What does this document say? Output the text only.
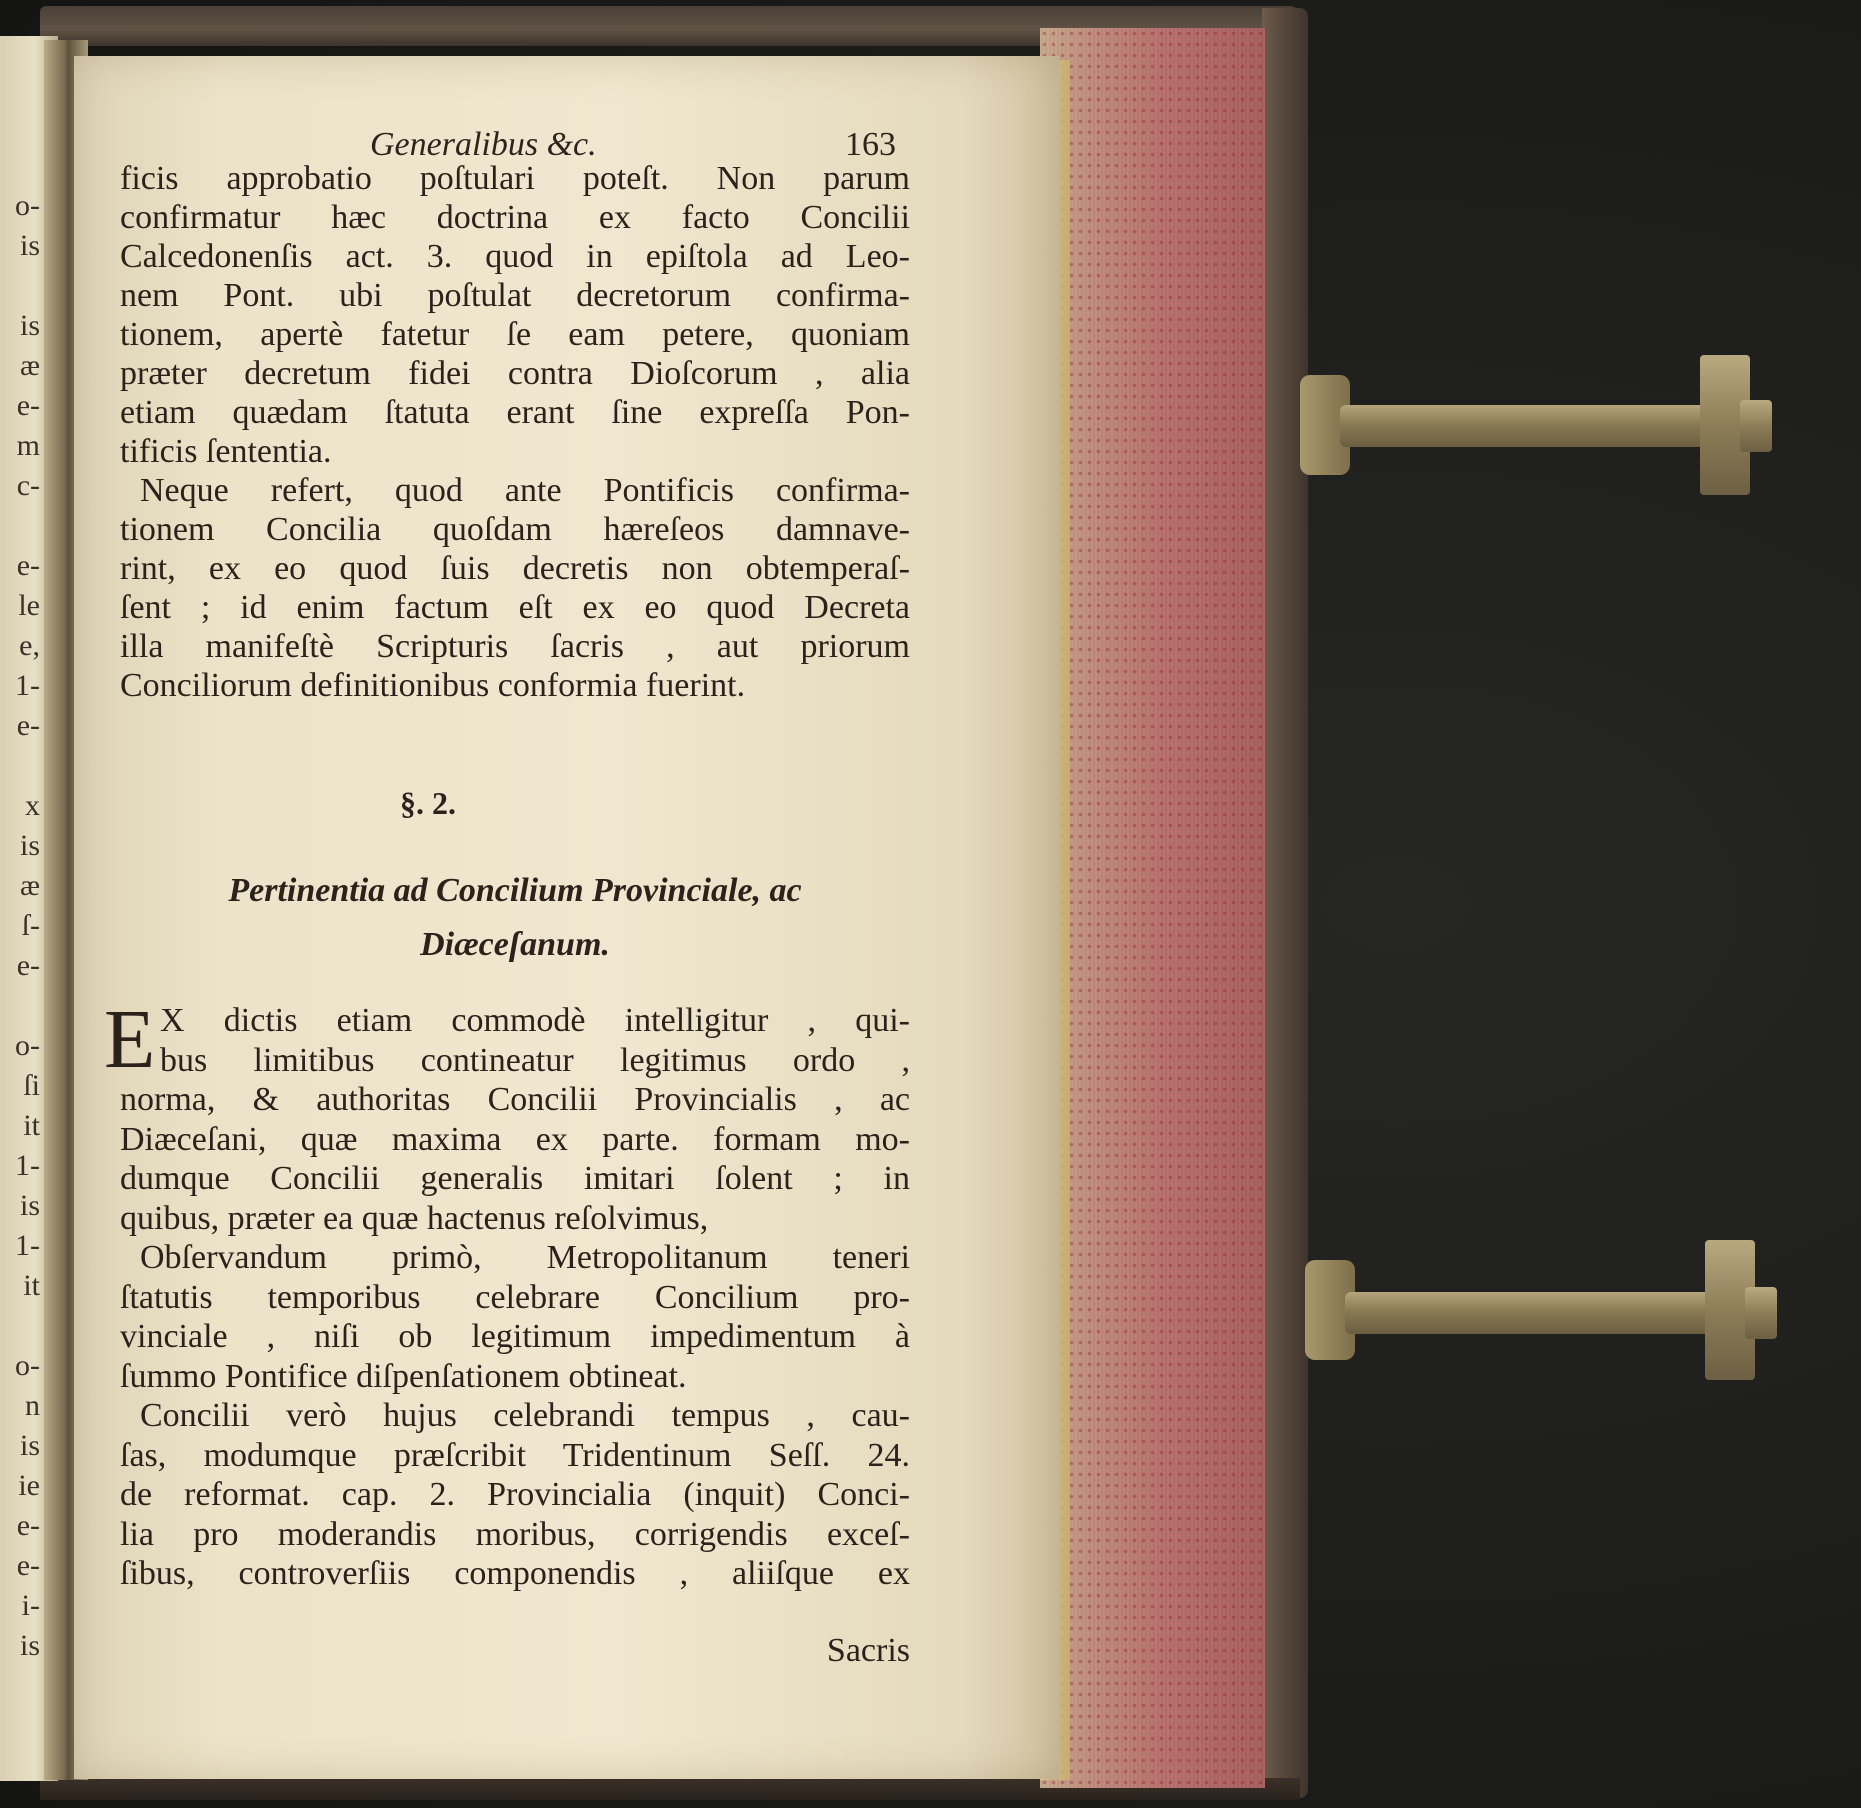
o-
is
is
æ
e-
m
c-
e-
le
e,
1-
e-
x
is
æ
ſ-
e-
o-
ſi
it
1-
is
1-
it
o-
n
is
ie
e-
e-
i-
is
Generalibus &c.	163
ficis approbatio poſtulari poteſt. Non parum
confirmatur hæc doctrina ex facto Concilii
Calcedonenſis act. 3. quod in epiſtola ad Leo-
nem Pont. ubi poſtulat decretorum confirma-
tionem, apertè fatetur ſe eam petere, quoniam
præter decretum fidei contra Dioſcorum , alia
etiam quædam ſtatuta erant ſine expreſſa Pon-
tificis ſententia.
Neque refert, quod ante Pontificis confirma-
tionem Concilia quoſdam hæreſeos damnave-
rint, ex eo quod ſuis decretis non obtemperaſ-
ſent ; id enim factum eſt ex eo quod Decreta
illa manifeſtè Scripturis ſacris , aut priorum
Conciliorum definitionibus conformia fuerint.
§. 2.
Pertinentia ad Concilium Provinciale, ac
Diæceſanum.
E X dictis etiam commodè intelligitur , qui-
bus limitibus contineatur legitimus ordo ,
norma, & authoritas Concilii Provincialis , ac
Diæceſani, quæ maxima ex parte. formam mo-
dumque Concilii generalis imitari ſolent ; in
quibus, præter ea quæ hactenus reſolvimus,
Obſervandum primò, Metropolitanum teneri
ſtatutis temporibus celebrare Concilium pro-
vinciale , niſi ob legitimum impedimentum à
ſummo Pontifice diſpenſationem obtineat.
Concilii verò hujus celebrandi tempus , cau-
ſas, modumque præſcribit Tridentinum Seſſ. 24.
de reformat. cap. 2. Provincialia (inquit) Conci-
lia pro moderandis moribus, corrigendis exceſ-
ſibus, controverſiis componendis , aliiſque ex
Sacris
